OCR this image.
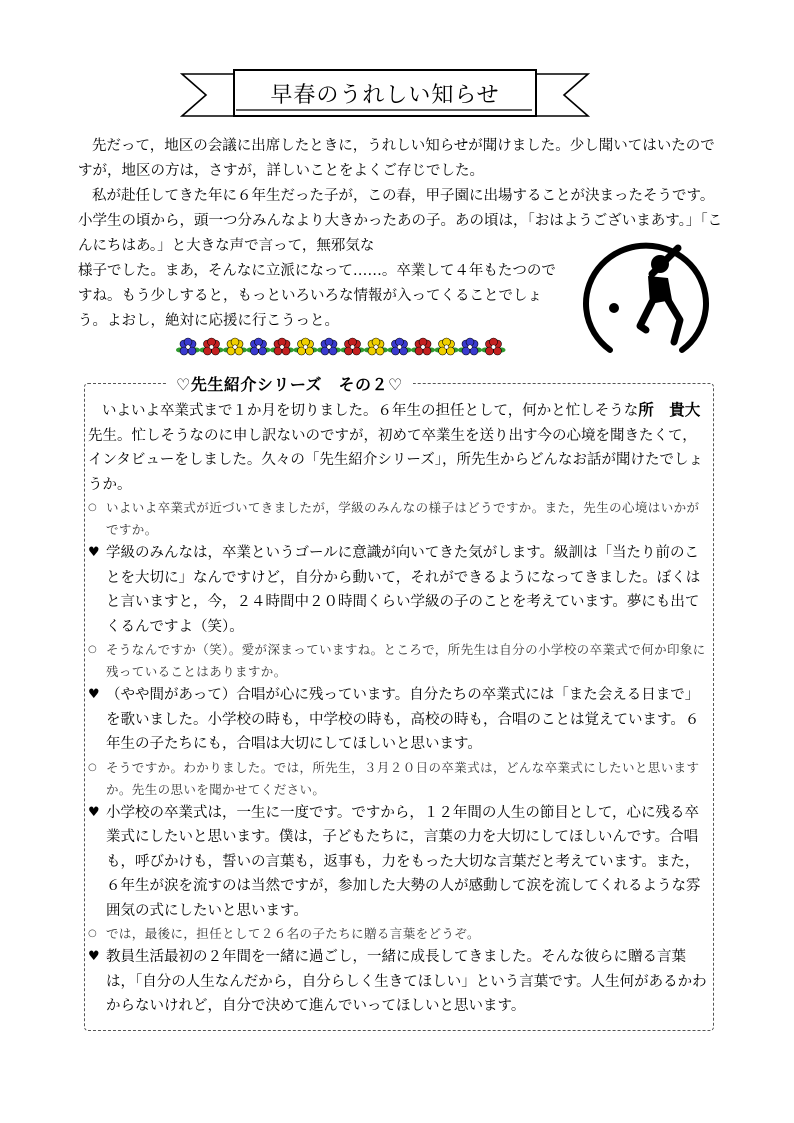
早春のうれしい知らせ

先だって，地区の会議に出席したときに，うれしい知らせが聞けました。少し聞いてはいたのですが，地区の方は，さすが，詳しいことをよくご存じでした。

私が赴任してきた年に６年生だった子が，この春，甲子園に出場することが決まったそうです。小学生の頃から，頭一つ分みんなより大きかったあの子。あの頃は，「おはようございまあす。」「こんにちはあ。」と大きな声で言って，無邪気な

様子でした。まあ，そんなに立派になって……。卒業して４年もたつのですね。もう少しすると，もっといろいろな情報が入ってくることでしょう。よおし，絶対に応援に行こうっと。

♡先生紹介シリーズ　その２♡

いよいよ卒業式まで１か月を切りました。６年生の担任として，何かと忙しそうな所　貴大先生。忙しそうなのに申し訳ないのですが，初めて卒業生を送り出す今の心境を聞きたくて，インタビューをしました。久々の「先生紹介シリーズ」，所先生からどんなお話が聞けたでしょうか。

○ いよいよ卒業式が近づいてきましたが，学級のみんなの様子はどうですか。また，先生の心境はいかがですか。

♥ 学級のみんなは，卒業というゴールに意識が向いてきた気がします。級訓は「当たり前のことを大切に」なんですけど，自分から動いて，それができるようになってきました。ぼくはと言いますと，今，２４時間中２０時間くらい学級の子のことを考えています。夢にも出てくるんですよ（笑）。

○ そうなんですか（笑）。愛が深まっていますね。ところで，所先生は自分の小学校の卒業式で何か印象に残っていることはありますか。

♥ （やや間があって）合唱が心に残っています。自分たちの卒業式には「また会える日まで」を歌いました。小学校の時も，中学校の時も，高校の時も，合唱のことは覚えています。６年生の子たちにも，合唱は大切にしてほしいと思います。

○ そうですか。わかりました。では，所先生，３月２０日の卒業式は，どんな卒業式にしたいと思いますか。先生の思いを聞かせてください。

♥ 小学校の卒業式は，一生に一度です。ですから，１２年間の人生の節目として，心に残る卒業式にしたいと思います。僕は，子どもたちに，言葉の力を大切にしてほしいんです。合唱も，呼びかけも，誓いの言葉も，返事も，力をもった大切な言葉だと考えています。また，６年生が涙を流すのは当然ですが，参加した大勢の人が感動して涙を流してくれるような雰囲気の式にしたいと思います。

○ では，最後に，担任として２６名の子たちに贈る言葉をどうぞ。

♥ 教員生活最初の２年間を一緒に過ごし，一緒に成長してきました。そんな彼らに贈る言葉は，「自分の人生なんだから，自分らしく生きてほしい」という言葉です。人生何があるかわからないけれど，自分で決めて進んでいってほしいと思います。
